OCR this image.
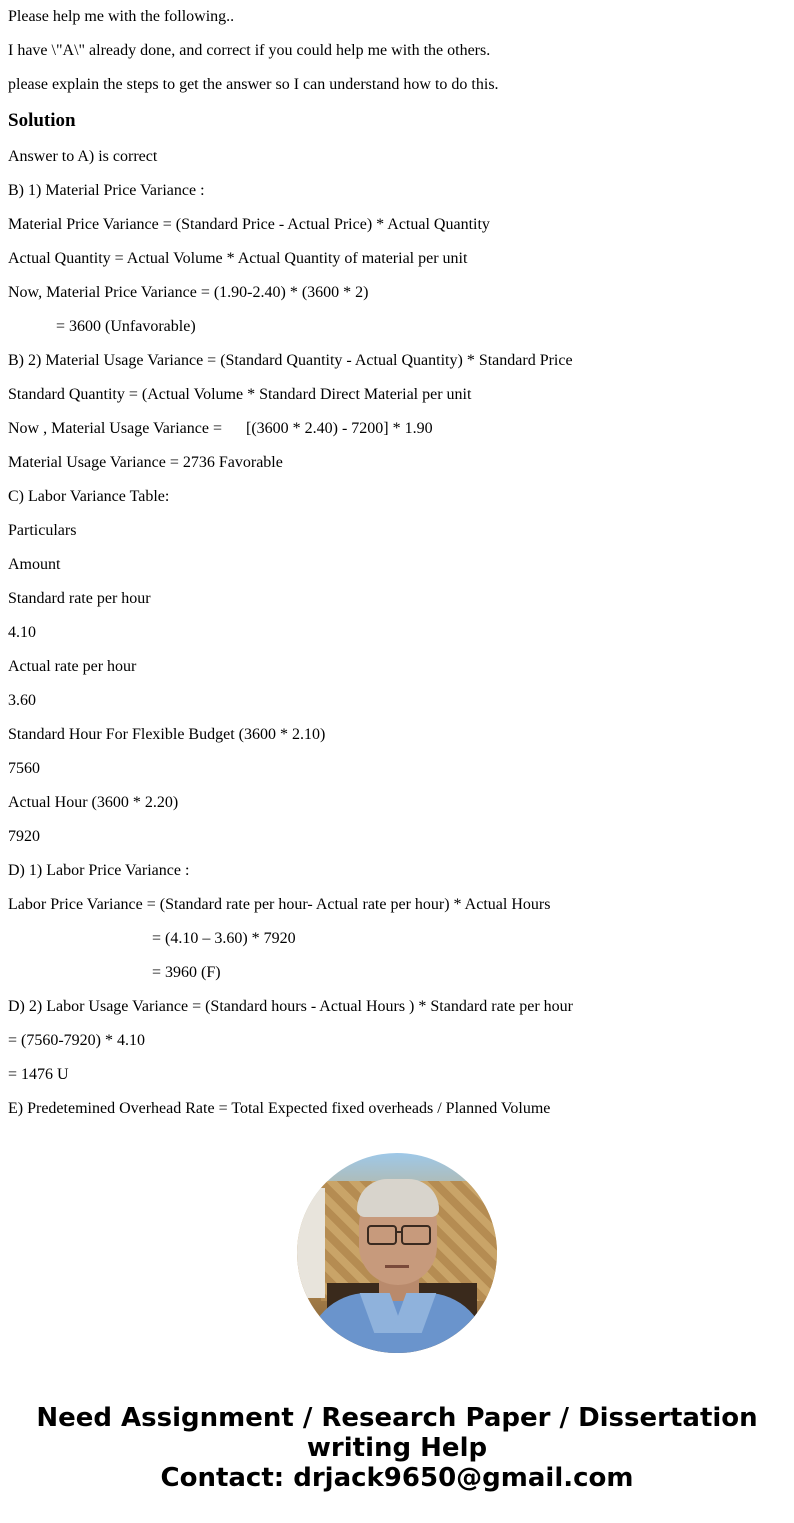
Please help me with the following..

I have \"A\" already done, and correct if you could help me with the others.

please explain the steps to get the answer so I can understand how to do this.

Solution

Answer to A) is correct

B) 1) Material Price Variance :

Material Price Variance = (Standard Price - Actual Price) * Actual Quantity

Actual Quantity = Actual Volume * Actual Quantity of material per unit

Now, Material Price Variance = (1.90-2.40) * (3600 * 2)

= 3600 (Unfavorable)

B) 2) Material Usage Variance = (Standard Quantity - Actual Quantity) * Standard Price

Standard Quantity = (Actual Volume * Standard Direct Material per unit

Now , Material Usage Variance =      [(3600 * 2.40) - 7200] * 1.90

Material Usage Variance = 2736 Favorable

C) Labor Variance Table:

Particulars

Amount

Standard rate per hour

4.10

Actual rate per hour

3.60

Standard Hour For Flexible Budget (3600 * 2.10)

7560

Actual Hour (3600 * 2.20)

7920

D) 1) Labor Price Variance :

Labor Price Variance = (Standard rate per hour- Actual rate per hour) * Actual Hours

= (4.10 – 3.60) * 7920

= 3960 (F)

D) 2) Labor Usage Variance = (Standard hours - Actual Hours ) * Standard rate per hour

= (7560-7920) * 4.10

= 1476 U

E) Predetemined Overhead Rate = Total Expected fixed overheads / Planned Volume

Need Assignment / Research Paper / Dissertation
writing Help
Contact: drjack9650@gmail.com
